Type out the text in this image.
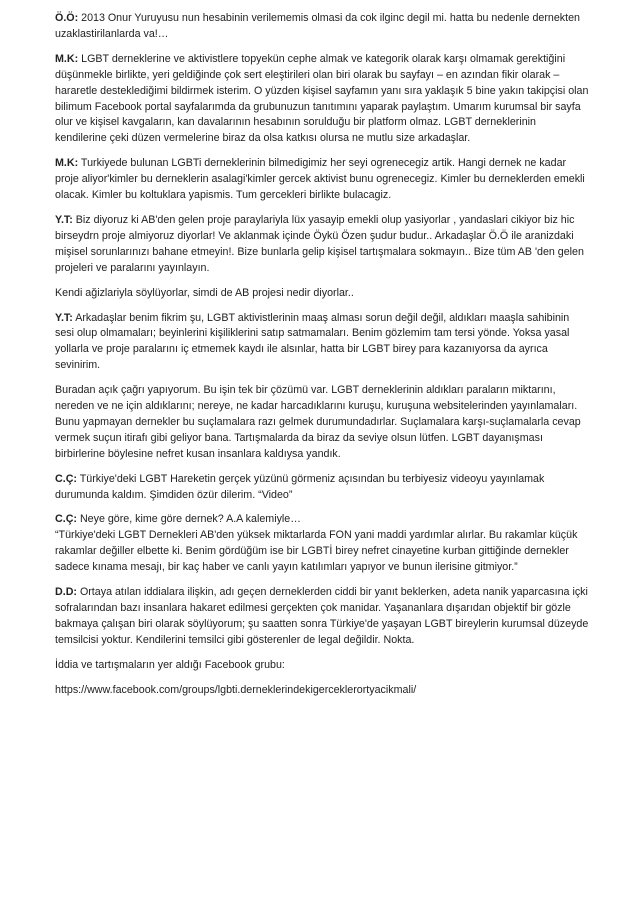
Ö.Ö: 2013 Onur Yuruyusu nun hesabinin verilememis olmasi da cok ilginc degil mi. hatta bu nedenle dernekten uzaklastirilanlarda va!…

M.K: LGBT derneklerine ve aktivistlere topyekün cephe almak ve kategorik olarak karşı olmamak gerektiğini düşünmekle birlikte, yeri geldiğinde çok sert eleştirileri olan biri olarak bu sayfayı – en azından fikir olarak – hararetle desteklediğimi bildirmek isterim. O yüzden kişisel sayfamın yanı sıra yaklaşık 5 bine yakın takipçisi olan bilimum Facebook portal sayfalarımda da grubunuzun tanıtımını yaparak paylaştım. Umarım kurumsal bir sayfa olur ve kişisel kavgaların, kan davalarının hesabının sorulduğu bir platform olmaz. LGBT derneklerinin kendilerine çeki düzen vermelerine biraz da olsa katkısı olursa ne mutlu size arkadaşlar.

M.K: Turkiyede bulunan LGBTi derneklerinin bilmedigimiz her seyi ogrenecegiz artik. Hangi dernek ne kadar proje aliyor'kimler bu derneklerin asalagi'kimler gercek aktivist bunu ogrenecegiz. Kimler bu derneklerden emekli olacak. Kimler bu koltuklara yapismis. Tum gercekleri birlikte bulacagiz.

Y.T: Biz diyoruz ki AB'den gelen proje paraylariyla lüx yasayip emekli olup yasiyorlar , yandaslari cikiyor biz hic birseydrn proje almiyoruz diyorlar! Ve aklanmak içinde Öykü Özen şudur budur.. Arkadaşlar Ö.Ö ile aranizdaki mişisel sorunlarınızı bahane etmeyin!. Bize bunlarla gelip kişisel tartışmalara sokmayın.. Bize tüm AB 'den gelen projeleri ve paralarını yayınlayın.

Kendi ağizlariyla söylüyorlar, simdi de AB projesi nedir diyorlar..

Y.T: Arkadaşlar benim fikrim şu, LGBT aktivistlerinin maaş alması sorun değil değil, aldıkları maaşla sahibinin sesi olup olmamaları; beyinlerini kişiliklerini satıp satmamaları. Benim gözlemim tam tersi yönde. Yoksa yasal yollarla ve proje paralarını iç etmemek kaydı ile alsınlar, hatta bir LGBT birey para kazanıyorsa da ayrıca sevinirim.

Buradan açık çağrı yapıyorum. Bu işin tek bir çözümü var. LGBT derneklerinin aldıkları paraların miktarını, nereden ve ne için aldıklarını; nereye, ne kadar harcadıklarını kuruşu, kuruşuna websitelerinden yayınlamaları. Bunu yapmayan dernekler bu suçlamalara razı gelmek durumundadırlar. Suçlamalara karşı-suçlamalarla cevap vermek suçun itirafı gibi geliyor bana. Tartışmalarda da biraz da seviye olsun lütfen. LGBT dayanışması birbirlerine böylesine nefret kusan insanlara kaldıysa yandık.

C.Ç: Türkiye'deki LGBT Hareketin gerçek yüzünü görmeniz açısından bu terbiyesiz videoyu yayınlamak durumunda kaldım. Şimdiden özür dilerim. “Video”

C.Ç: Neye göre, kime göre dernek? A.A kalemiyle…
“Türkiye'deki LGBT Dernekleri AB'den yüksek miktarlarda FON yani maddi yardımlar alırlar. Bu rakamlar küçük rakamlar değiller elbette ki. Benim gördüğüm ise bir LGBTİ birey nefret cinayetine kurban gittiğinde dernekler sadece kınama mesajı, bir kaç haber ve canlı yayın katılımları yapıyor ve bunun ilerisine gitmiyor.”

D.D: Ortaya atılan iddialara ilişkin, adı geçen derneklerden ciddi bir yanıt beklerken, adeta nanik yaparcasına içki sofralarından bazı insanlara hakaret edilmesi gerçekten çok manidar. Yaşananlara dışarıdan objektif bir gözle bakmaya çalışan biri olarak söylüyorum; şu saatten sonra Türkiye'de yaşayan LGBT bireylerin kurumsal düzeyde temsilcisi yoktur. Kendilerini temsilci gibi gösterenler de legal değildir. Nokta.

İddia ve tartışmaların yer aldığı Facebook grubu:

https://www.facebook.com/groups/lgbti.derneklerindekigerceklerortyacikmali/
